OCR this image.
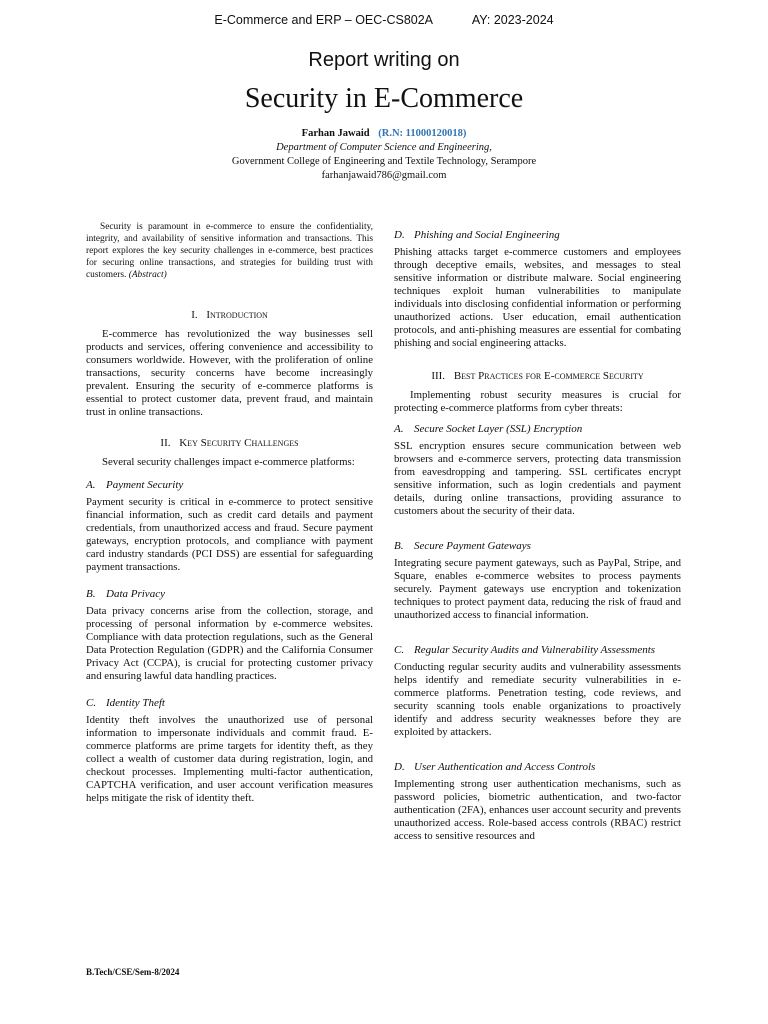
E-Commerce and ERP – OEC-CS802A	AY: 2023-2024
Report writing on
Security in E-Commerce
Farhan Jawaid (R.N: 11000120018)
Department of Computer Science and Engineering,
Government College of Engineering and Textile Technology, Serampore
farhanjawaid786@gmail.com

Security is paramount in e-commerce to ensure the confidentiality, integrity, and availability of sensitive information and transactions. This report explores the key security challenges in e-commerce, best practices for securing online transactions, and strategies for building trust with customers. (Abstract)

I. Introduction

E-commerce has revolutionized the way businesses sell products and services, offering convenience and accessibility to consumers worldwide. However, with the proliferation of online transactions, security concerns have become increasingly prevalent. Ensuring the security of e-commerce platforms is essential to protect customer data, prevent fraud, and maintain trust in online transactions.

II. Key Security Challenges

Several security challenges impact e-commerce platforms:

A. Payment Security

Payment security is critical in e-commerce to protect sensitive financial information, such as credit card details and payment credentials, from unauthorized access and fraud. Secure payment gateways, encryption protocols, and compliance with payment card industry standards (PCI DSS) are essential for safeguarding payment transactions.

B. Data Privacy

Data privacy concerns arise from the collection, storage, and processing of personal information by e-commerce websites. Compliance with data protection regulations, such as the General Data Protection Regulation (GDPR) and the California Consumer Privacy Act (CCPA), is crucial for protecting customer privacy and ensuring lawful data handling practices.

C. Identity Theft

Identity theft involves the unauthorized use of personal information to impersonate individuals and commit fraud. E-commerce platforms are prime targets for identity theft, as they collect a wealth of customer data during registration, login, and checkout processes. Implementing multi-factor authentication, CAPTCHA verification, and user account verification measures helps mitigate the risk of identity theft.

D. Phishing and Social Engineering

Phishing attacks target e-commerce customers and employees through deceptive emails, websites, and messages to steal sensitive information or distribute malware. Social engineering techniques exploit human vulnerabilities to manipulate individuals into disclosing confidential information or performing unauthorized actions. User education, email authentication protocols, and anti-phishing measures are essential for combating phishing and social engineering attacks.

III. Best Practices for E-commerce Security

Implementing robust security measures is crucial for protecting e-commerce platforms from cyber threats:

A. Secure Socket Layer (SSL) Encryption

SSL encryption ensures secure communication between web browsers and e-commerce servers, protecting data transmission from eavesdropping and tampering. SSL certificates encrypt sensitive information, such as login credentials and payment details, during online transactions, providing assurance to customers about the security of their data.

B. Secure Payment Gateways

Integrating secure payment gateways, such as PayPal, Stripe, and Square, enables e-commerce websites to process payments securely. Payment gateways use encryption and tokenization techniques to protect payment data, reducing the risk of fraud and unauthorized access to financial information.

C. Regular Security Audits and Vulnerability Assessments

Conducting regular security audits and vulnerability assessments helps identify and remediate security vulnerabilities in e-commerce platforms. Penetration testing, code reviews, and security scanning tools enable organizations to proactively identify and address security weaknesses before they are exploited by attackers.

D. User Authentication and Access Controls

Implementing strong user authentication mechanisms, such as password policies, biometric authentication, and two-factor authentication (2FA), enhances user account security and prevents unauthorized access. Role-based access controls (RBAC) restrict access to sensitive resources and

B.Tech/CSE/Sem-8/2024
